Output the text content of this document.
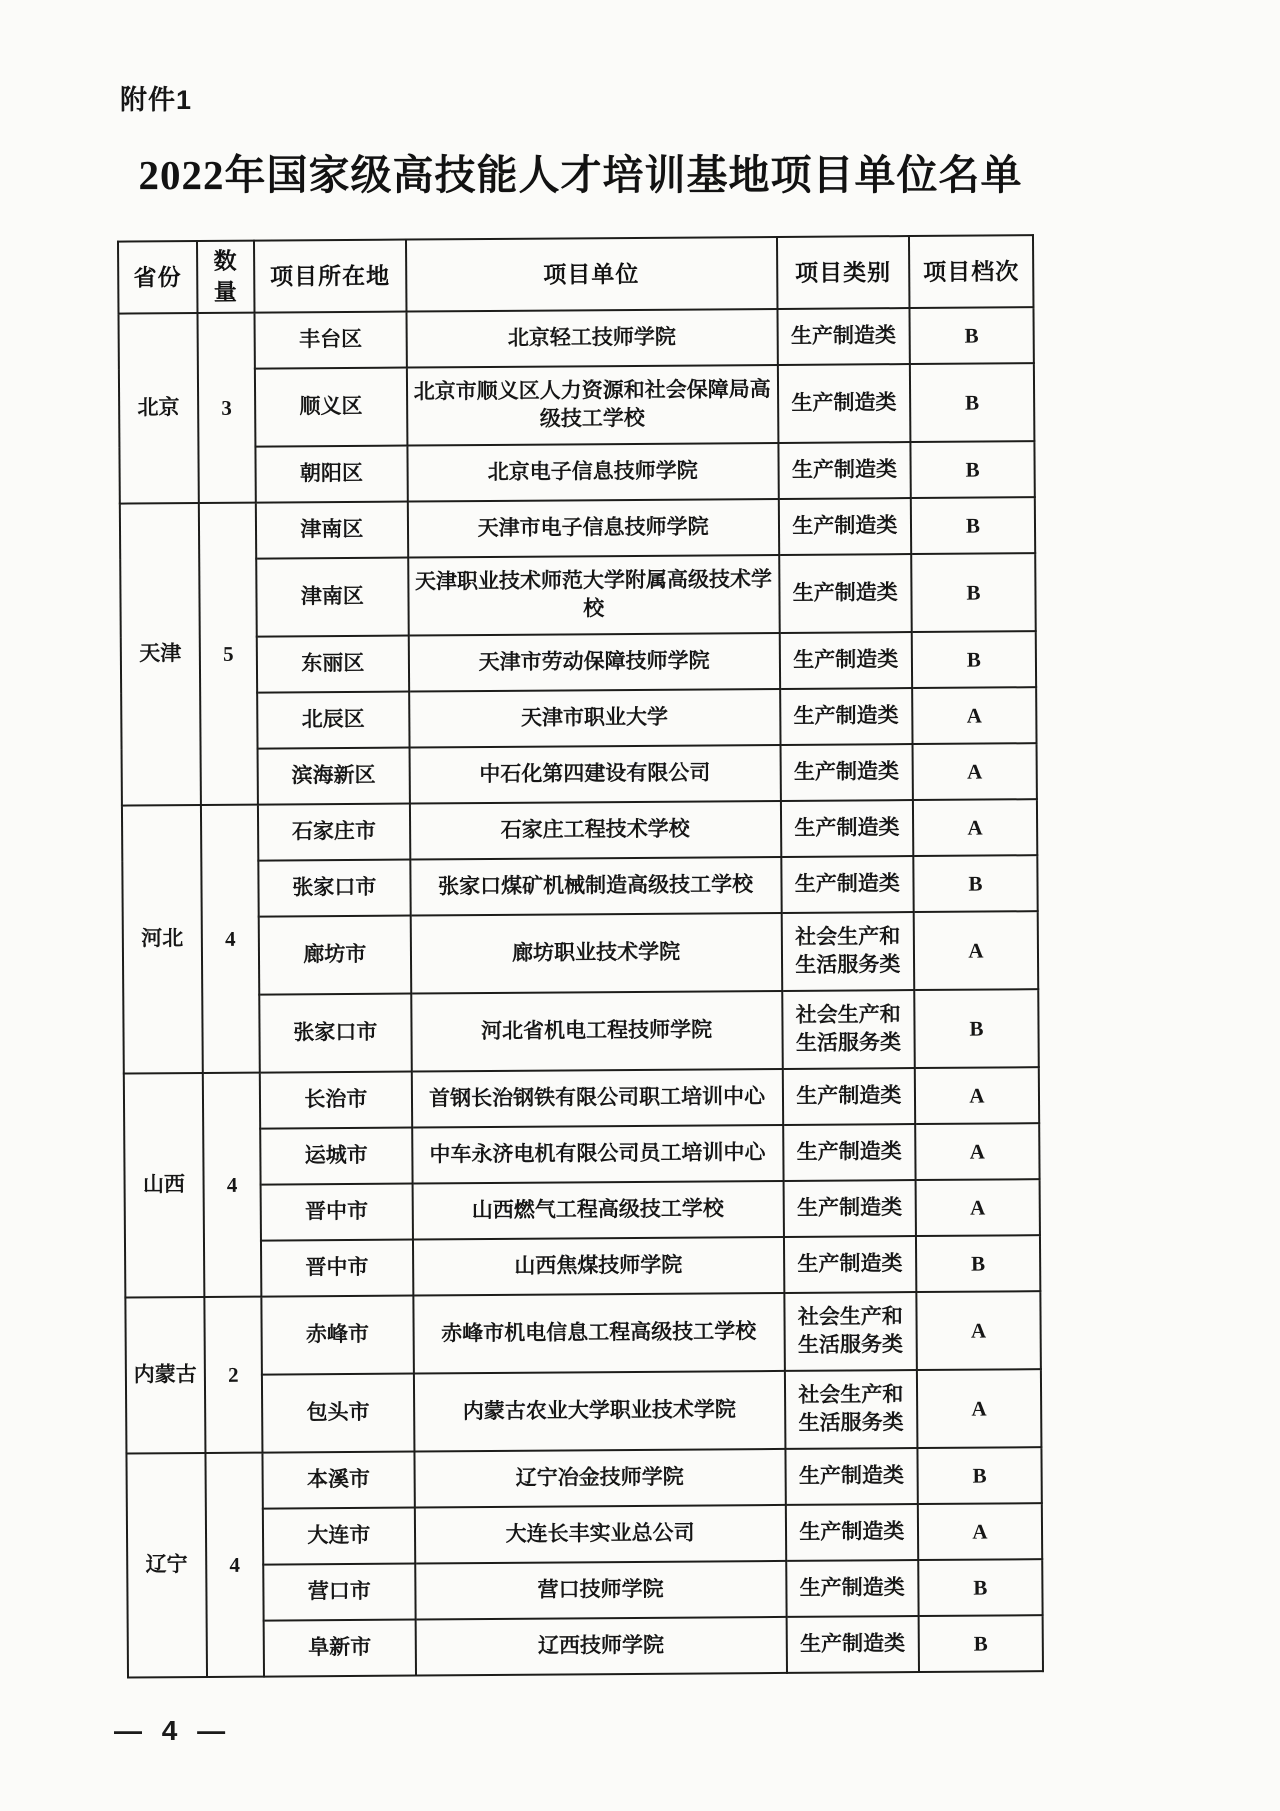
附件1
2022年国家级高技能人才培训基地项目单位名单
省份	数量	项目所在地	项目单位	项目类别	项目档次
北京	3	丰台区	北京轻工技师学院	生产制造类	B
		顺义区	北京市顺义区人力资源和社会保障局高级技工学校	生产制造类	B
		朝阳区	北京电子信息技师学院	生产制造类	B
天津	5	津南区	天津市电子信息技师学院	生产制造类	B
		津南区	天津职业技术师范大学附属高级技术学校	生产制造类	B
		东丽区	天津市劳动保障技师学院	生产制造类	B
		北辰区	天津市职业大学	生产制造类	A
		滨海新区	中石化第四建设有限公司	生产制造类	A
河北	4	石家庄市	石家庄工程技术学校	生产制造类	A
		张家口市	张家口煤矿机械制造高级技工学校	生产制造类	B
		廊坊市	廊坊职业技术学院	社会生产和生活服务类	A
		张家口市	河北省机电工程技师学院	社会生产和生活服务类	B
山西	4	长治市	首钢长治钢铁有限公司职工培训中心	生产制造类	A
		运城市	中车永济电机有限公司员工培训中心	生产制造类	A
		晋中市	山西燃气工程高级技工学校	生产制造类	A
		晋中市	山西焦煤技师学院	生产制造类	B
内蒙古	2	赤峰市	赤峰市机电信息工程高级技工学校	社会生产和生活服务类	A
		包头市	内蒙古农业大学职业技术学院	社会生产和生活服务类	A
辽宁	4	本溪市	辽宁冶金技师学院	生产制造类	B
		大连市	大连长丰实业总公司	生产制造类	A
		营口市	营口技师学院	生产制造类	B
		阜新市	辽西技师学院	生产制造类	B
— 4 —
